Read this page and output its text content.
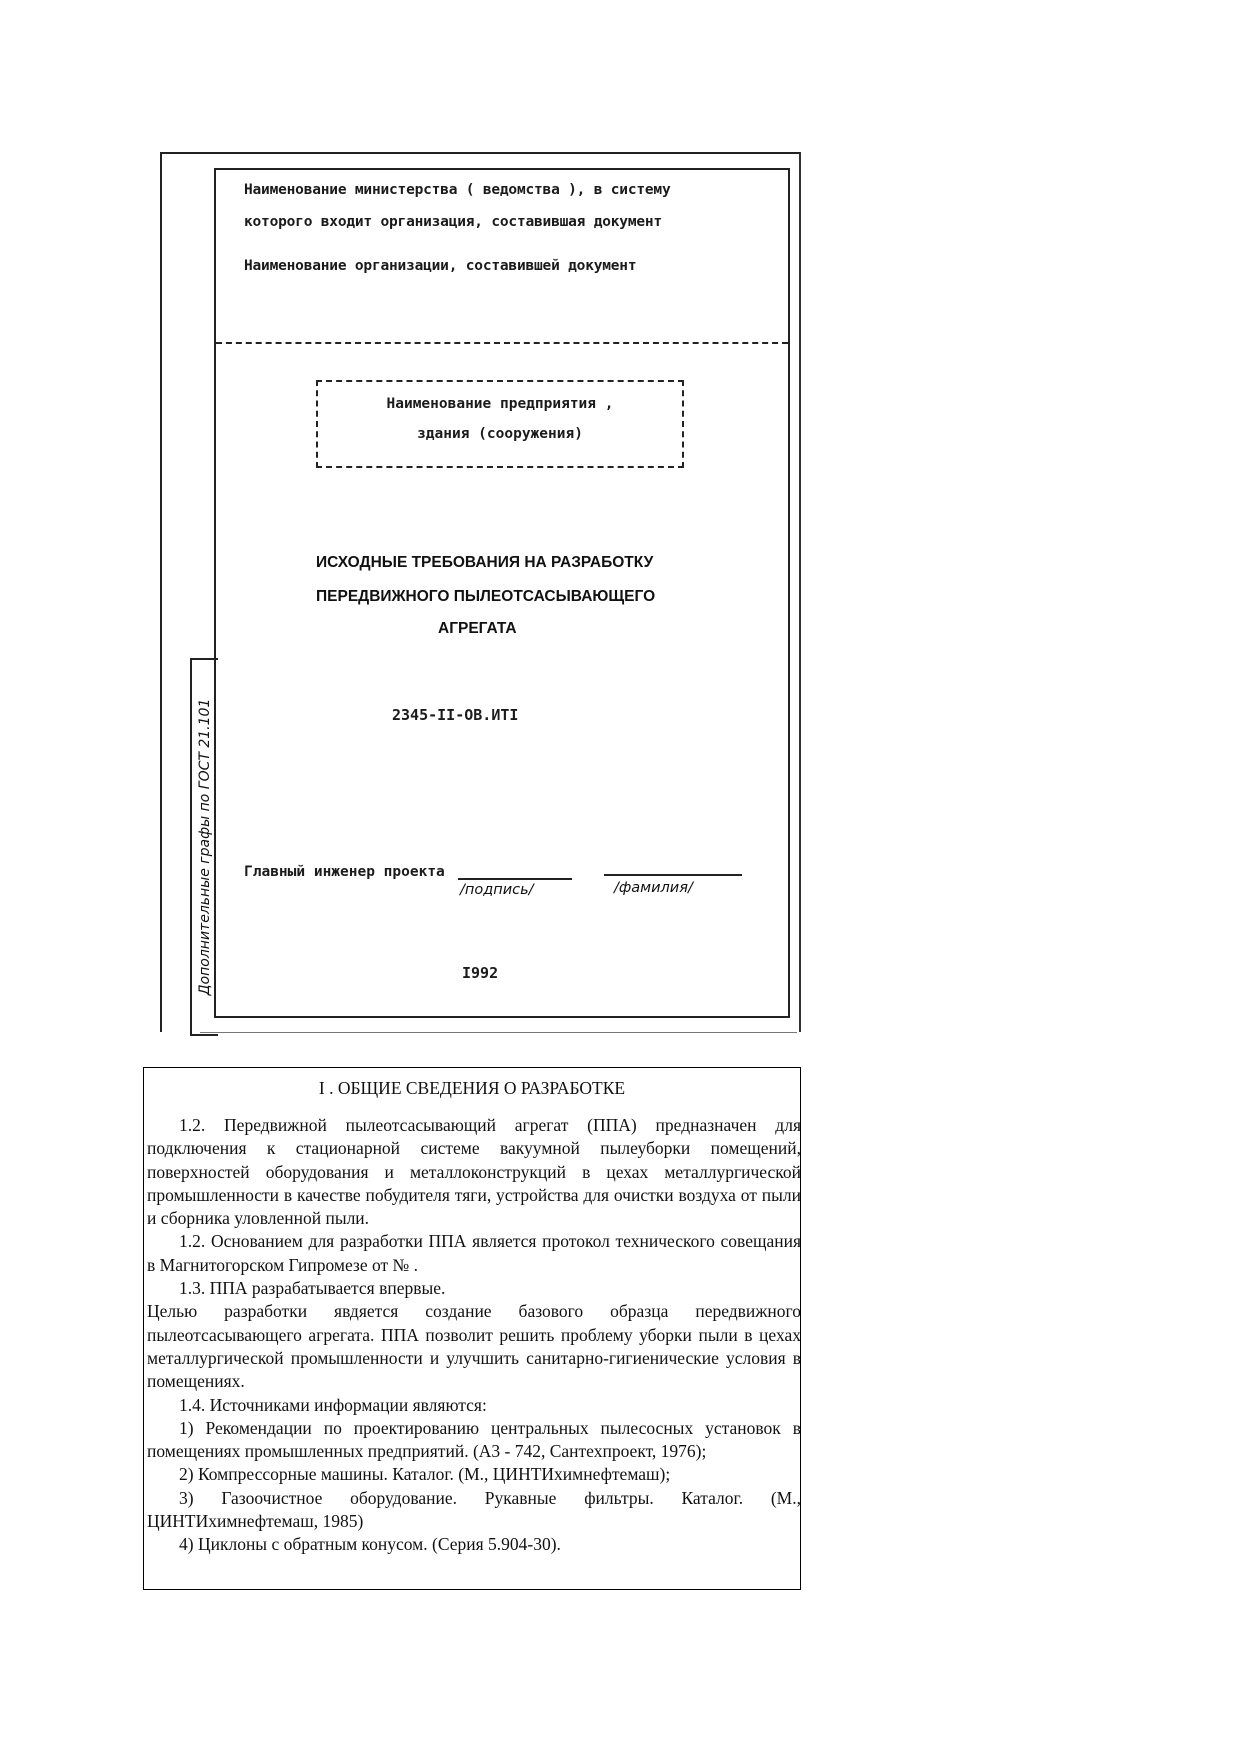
Дополнительные графы по ГОСТ 21.101
Наименование министерства ( ведомства ), в систему
которого входит организация, составившая документ
Наименование организации, составившей документ
Наименование предприятия ,
здания (сооружения)
ИСХОДНЫЕ ТРЕБОВАНИЯ НА РАЗРАБОТКУ
ПЕРЕДВИЖНОГО ПЫЛЕОТСАСЫВАЮЩЕГО
АГРЕГАТА
2345-II-ОВ.ИТI
Главный инженер проекта
/подпись/	/фамилия/
I992
I . ОБЩИЕ СВЕДЕНИЯ О РАЗРАБОТКЕ

1.2. Передвижной пылеотсасывающий агрегат (ППА) предназначен для подключения к стационарной системе вакуумной пылеуборки помещений, поверхностей оборудования и металлоконструкций в цехах металлургической промышленности в качестве побудителя тяги, устройства для очистки воздуха от пыли и сборника уловленной пыли.

1.2. Основанием для разработки ППА является протокол технического совещания в Магнитогорском Гипромезе от № .

1.3. ППА разрабатывается впервые.

Целью разработки явдяется создание базового образца передвижного пылеотсасывающего агрегата. ППА позволит решить проблему уборки пыли в цехах металлургической промышленности и улучшить санитарно-гигиенические условия в помещениях.

1.4. Источниками информации являются:

1) Рекомендации по проектированию центральных пылесосных установок в помещениях промышленных предприятий. (А3 - 742, Сантехпроект, 1976);

2) Компрессорные машины. Каталог. (М., ЦИНТИхимнефтемаш);

3) Газоочистное оборудование. Рукавные фильтры. Каталог. (М., ЦИНТИхимнефтемаш, 1985)

4) Циклоны с обратным конусом. (Серия 5.904-30).
